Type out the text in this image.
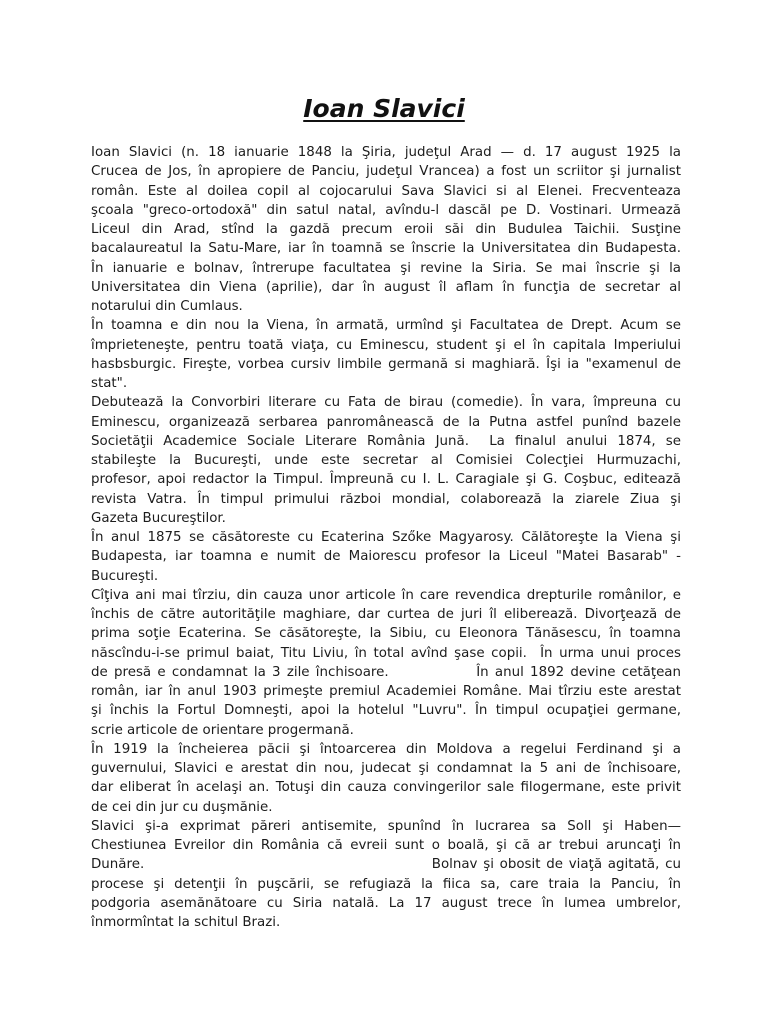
Ioan Slavici
Ioan Slavici (n. 18 ianuarie 1848 la Şiria, judeţul Arad — d. 17 august 1925 la
Crucea de Jos, în apropiere de Panciu, judeţul Vrancea) a fost un scriitor şi jurnalist
român. Este al doilea copil al cojocarului Sava Slavici si al Elenei. Frecventeaza
şcoala "greco-ortodoxă" din satul natal, avîndu-l dascăl pe D. Vostinari. Urmează
Liceul din Arad, stînd la gazdă precum eroii săi din Budulea Taichii. Susţine
bacalaureatul la Satu-Mare, iar în toamnă se înscrie la Universitatea din Budapesta.
În ianuarie e bolnav, întrerupe facultatea şi revine la Siria. Se mai înscrie şi la
Universitatea din Viena (aprilie), dar în august îl aflam în funcţia de secretar al
notarului din Cumlaus.
În toamna e din nou la Viena, în armată, urmînd şi Facultatea de Drept. Acum se
împrieteneşte, pentru toată viaţa, cu Eminescu, student şi el în capitala Imperiului
hasbsburgic. Fireşte, vorbea cursiv limbile germană si maghiară. Îşi ia "examenul de
stat".
Debutează la Convorbiri literare cu Fata de birau (comedie). În vara, împreuna cu
Eminescu, organizează serbarea panromânească de la Putna astfel punînd bazele
Societăţii Academice Sociale Literare România Jună.  La finalul anului 1874, se
stabileşte la Bucureşti, unde este secretar al Comisiei Colecţiei Hurmuzachi,
profesor, apoi redactor la Timpul. Împreună cu I. L. Caragiale şi G. Coşbuc, editează
revista Vatra. În timpul primului război mondial, colaborează la ziarele Ziua şi
Gazeta Bucureştilor.
În anul 1875 se căsătoreste cu Ecaterina Szőke Magyarosy. Călătoreşte la Viena şi
Budapesta, iar toamna e numit de Maiorescu profesor la Liceul "Matei Basarab" -
Bucureşti.
Cîţiva ani mai tîrziu, din cauza unor articole în care revendica drepturile românilor, e
închis de către autorităţile maghiare, dar curtea de juri îl eliberează. Divorţează de
prima soţie Ecaterina. Se căsătoreşte, la Sibiu, cu Eleonora Tănăsescu, în toamna
născîndu-i-se primul baiat, Titu Liviu, în total avînd şase copii.  În urma unui proces
de presă e condamnat la 3 zile închisoare.              În anul 1892 devine cetăţean
român, iar în anul 1903 primeşte premiul Academiei Române. Mai tîrziu este arestat
şi închis la Fortul Domneşti, apoi la hotelul "Luvru". În timpul ocupaţiei germane,
scrie articole de orientare progermană.
În 1919 la încheierea păcii şi întoarcerea din Moldova a regelui Ferdinand şi a
guvernului, Slavici e arestat din nou, judecat şi condamnat la 5 ani de închisoare,
dar eliberat în acelaşi an. Totuşi din cauza convingerilor sale filogermane, este privit
de cei din jur cu duşmănie.
Slavici şi-a exprimat păreri antisemite, spunînd în lucrarea sa Soll şi Haben—
Chestiunea Evreilor din România că evreii sunt o boală, şi că ar trebui aruncaţi în
Dunăre.                                                  Bolnav şi obosit de viaţă agitată, cu
procese şi detenţii în puşcării, se refugiază la fiica sa, care traia la Panciu, în
podgoria asemănătoare cu Siria natală. La 17 august trece în lumea umbrelor,
înmormîntat la schitul Brazi.
